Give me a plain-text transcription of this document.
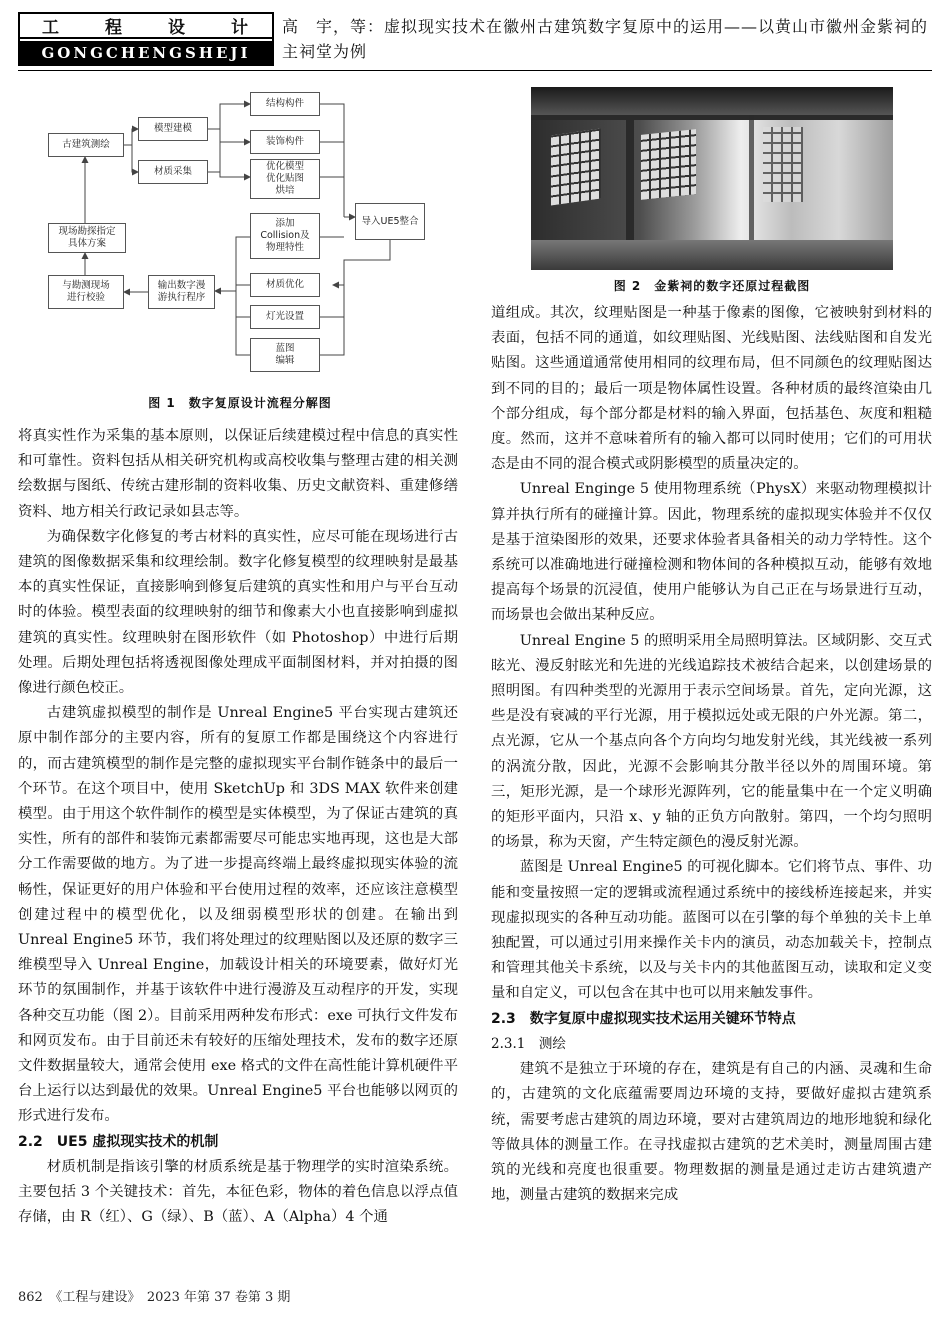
工	程	设	计
GONGCHENGSHEJI
高　宇，等：虚拟现实技术在徽州古建筑数字复原中的运用——以黄山市徽州金紫祠的主祠堂为例
古建筑测绘
模型建模
材质采集
结构构件
装饰构件
优化模型
优化贴图
烘培
导入UE5整合
添加
Collision及
物理特性
现场勘探指定
具体方案
与勘测现场
进行校验
输出数字漫
游执行程序
材质优化
灯光设置
蓝图
编辑
图 1　数字复原设计流程分解图
图 2　金紫祠的数字还原过程截图

将真实性作为采集的基本原则，以保证后续建模过程中信息的真实性和可靠性。资料包括从相关研究机构或高校收集与整理古建的相关测绘数据与图纸、传统古建形制的资料收集、历史文献资料、重建修缮资料、地方相关行政记录如县志等。

为确保数字化修复的考古材料的真实性，应尽可能在现场进行古建筑的图像数据采集和纹理绘制。数字化修复模型的纹理映射是最基本的真实性保证，直接影响到修复后建筑的真实性和用户与平台互动时的体验。模型表面的纹理映射的细节和像素大小也直接影响到虚拟建筑的真实性。纹理映射在图形软件（如 Photoshop）中进行后期处理。后期处理包括将透视图像处理成平面制图材料，并对拍摄的图像进行颜色校正。

古建筑虚拟模型的制作是 Unreal Engine5 平台实现古建筑还原中制作部分的主要内容，所有的复原工作都是围绕这个内容进行的，而古建筑模型的制作是完整的虚拟现实平台制作链条中的最后一个环节。在这个项目中，使用 SketchUp 和 3DS MAX 软件来创建模型。由于用这个软件制作的模型是实体模型，为了保证古建筑的真实性，所有的部件和装饰元素都需要尽可能忠实地再现，这也是大部分工作需要做的地方。为了进一步提高终端上最终虚拟现实体验的流畅性，保证更好的用户体验和平台使用过程的效率，还应该注意模型创建过程中的模型优化，以及细弱模型形状的创建。在输出到 Unreal Engine5 环节，我们将处理过的纹理贴图以及还原的数字三维模型导入 Unreal Engine，加载设计相关的环境要素，做好灯光环节的氛围制作，并基于该软件中进行漫游及互动程序的开发，实现各种交互功能（图 2）。目前采用两种发布形式：exe 可执行文件发布和网页发布。由于目前还未有较好的压缩处理技术，发布的数字还原文件数据量较大，通常会使用 exe 格式的文件在高性能计算机硬件平台上运行以达到最优的效果。Unreal Engine5 平台也能够以网页的形式进行发布。

2.2　UE5 虚拟现实技术的机制

材质机制是指该引擎的材质系统是基于物理学的实时渲染系统。主要包括 3 个关键技术：首先，本征色彩，物体的着色信息以浮点值存储，由 R（红）、G（绿）、B（蓝）、A（Alpha）4 个通

道组成。其次，纹理贴图是一种基于像素的图像，它被映射到材料的表面，包括不同的通道，如纹理贴图、光线贴图、法线贴图和自发光贴图。这些通道通常使用相同的纹理布局，但不同颜色的纹理贴图达到不同的目的；最后一项是物体属性设置。各种材质的最终渲染由几个部分组成，每个部分都是材料的输入界面，包括基色、灰度和粗糙度。然而，这并不意味着所有的输入都可以同时使用；它们的可用状态是由不同的混合模式或阴影模型的质量决定的。

Unreal Enginge 5 使用物理系统（PhysX）来驱动物理模拟计算并执行所有的碰撞计算。因此，物理系统的虚拟现实体验并不仅仅是基于渲染图形的效果，还要求体验者具备相关的动力学特性。这个系统可以准确地进行碰撞检测和物体间的各种模拟互动，能够有效地提高每个场景的沉浸值，使用户能够认为自己正在与场景进行互动，而场景也会做出某种反应。

Unreal Engine 5 的照明采用全局照明算法。区域阴影、交互式眩光、漫反射眩光和先进的光线追踪技术被结合起来，以创建场景的照明图。有四种类型的光源用于表示空间场景。首先，定向光源，这些是没有衰减的平行光源，用于模拟远处或无限的户外光源。第二，点光源，它从一个基点向各个方向均匀地发射光线，其光线被一系列的涡流分散，因此，光源不会影响其分散半径以外的周围环境。第三，矩形光源，是一个球形光源阵列，它的能量集中在一个定义明确的矩形平面内，只沿 x、y 轴的正负方向散射。第四，一个均匀照明的场景，称为天窗，产生特定颜色的漫反射光源。

蓝图是 Unreal Engine5 的可视化脚本。它们将节点、事件、功能和变量按照一定的逻辑或流程通过系统中的接线桥连接起来，并实现虚拟现实的各种互动功能。蓝图可以在引擎的每个单独的关卡上单独配置，可以通过引用来操作关卡内的演员，动态加载关卡，控制点和管理其他关卡系统，以及与关卡内的其他蓝图互动，读取和定义变量和自定义，可以包含在其中也可以用来触发事件。

2.3　数字复原中虚拟现实技术运用关键环节特点
2.3.1　测绘

建筑不是独立于环境的存在，建筑是有自己的内涵、灵魂和生命的，古建筑的文化底蕴需要周边环境的支持，要做好虚拟古建筑系统，需要考虑古建筑的周边环境，要对古建筑周边的地形地貌和绿化等做具体的测量工作。在寻找虚拟古建筑的艺术美时，测量周围古建筑的光线和亮度也很重要。物理数据的测量是通过走访古建筑遗产地，测量古建筑的数据来完成

862　《工程与建设》　2023 年第 37 卷第 3 期
